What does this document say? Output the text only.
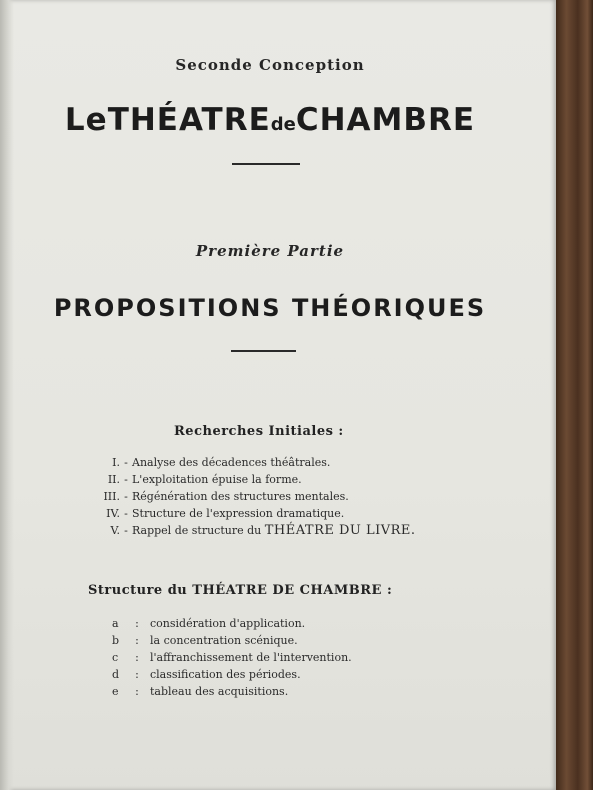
Seconde Conception
LeTHÉATREdeCHAMBRE
Première Partie
PROPOSITIONS THÉORIQUES
Recherches Initiales :
I. - Analyse des décadences théâtrales.
II. - L'exploitation épuise la forme.
III. - Régénération des structures mentales.
IV. - Structure de l'expression dramatique.
V. - Rappel de structure du THÉATRE DU LIVRE.
Structure du THÉATRE DE CHAMBRE :
a : considération d'application.
b : la concentration scénique.
c : l'affranchissement de l'intervention.
d : classification des périodes.
e : tableau des acquisitions.
